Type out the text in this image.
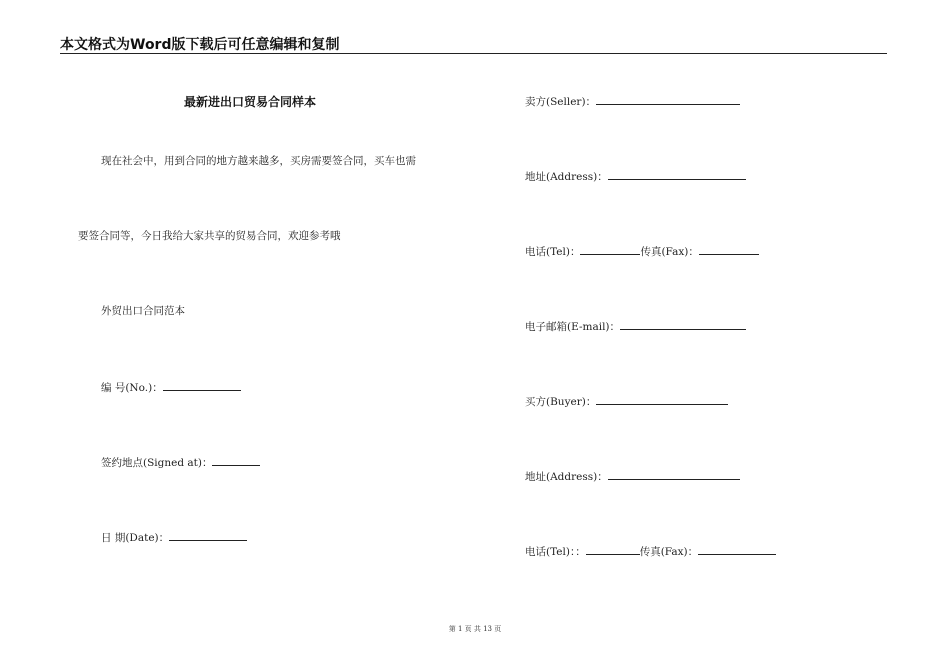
本文格式为Word版下载后可任意编辑和复制
最新进出口贸易合同样本
现在社会中，用到合同的地方越来越多，买房需要签合同，买车也需
要签合同等，今日我给大家共享的贸易合同，欢迎参考哦
外贸出口合同范本
编 号(No.)：
签约地点(Signed at)：
日 期(Date)：
卖方(Seller)：
地址(Address)：
电话(Tel)：	传真(Fax)：
电子邮箱(E-mail)：
买方(Buyer)：
地址(Address)：
电话(Tel)：：	传真(Fax)：
第 1 页 共 13 页
